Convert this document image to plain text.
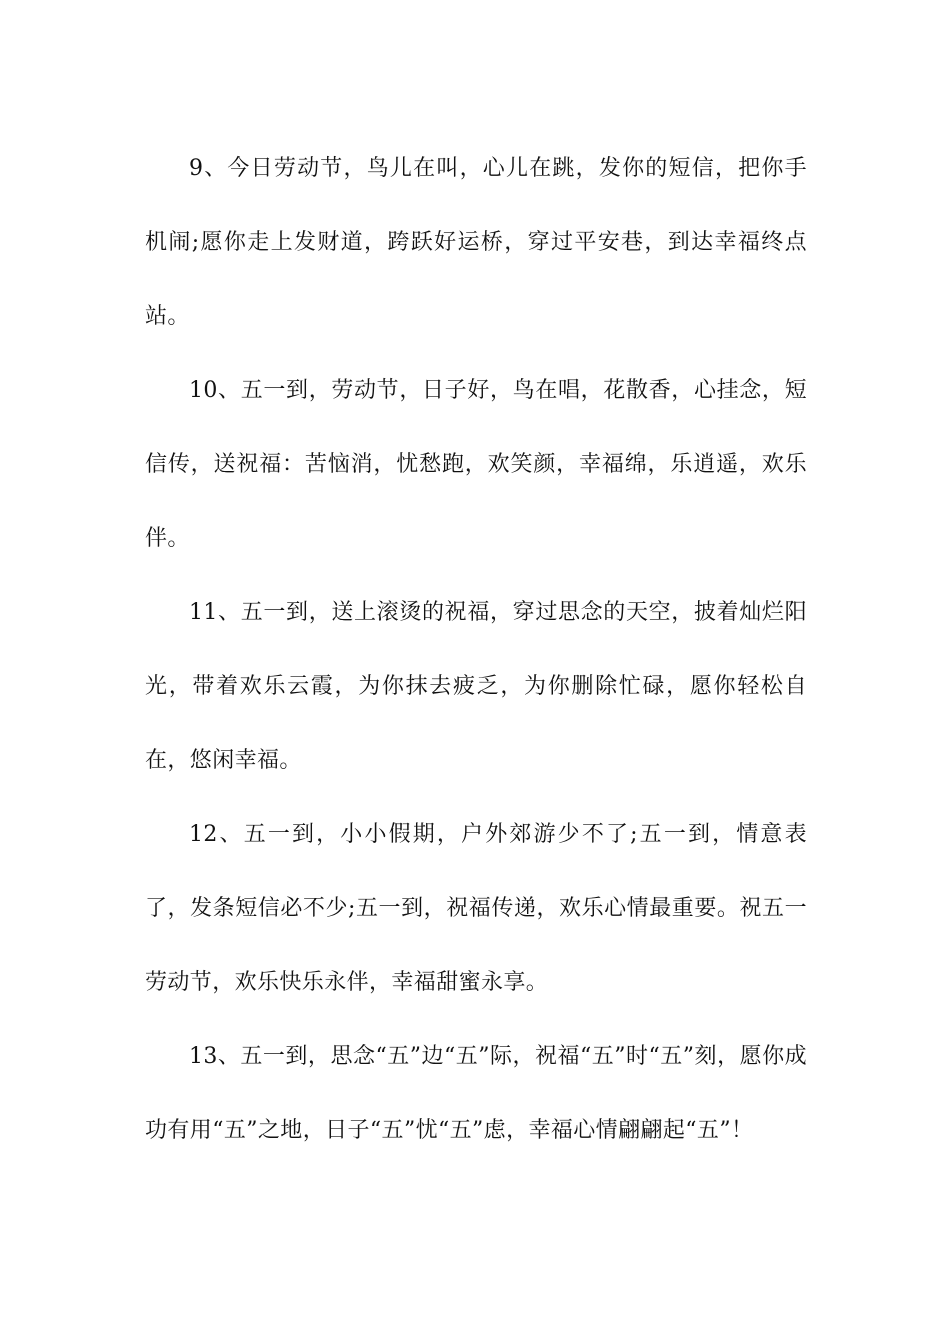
9、今日劳动节，鸟儿在叫，心儿在跳，发你的短信，把你手机闹;愿你走上发财道，跨跃好运桥，穿过平安巷，到达幸福终点站。

10、五一到，劳动节，日子好，鸟在唱，花散香，心挂念，短信传，送祝福：苦恼消，忧愁跑，欢笑颜，幸福绵，乐逍遥，欢乐伴。

11、五一到，送上滚烫的祝福，穿过思念的天空，披着灿烂阳光，带着欢乐云霞，为你抹去疲乏，为你删除忙碌，愿你轻松自在，悠闲幸福。

12、五一到，小小假期，户外郊游少不了;五一到，情意表了，发条短信必不少;五一到，祝福传递，欢乐心情最重要。祝五一劳动节，欢乐快乐永伴，幸福甜蜜永享。

13、五一到，思念“五”边“五”际，祝福“五”时“五”刻，愿你成功有用“五”之地，日子“五”忧“五”虑，幸福心情翩翩起“五”！
